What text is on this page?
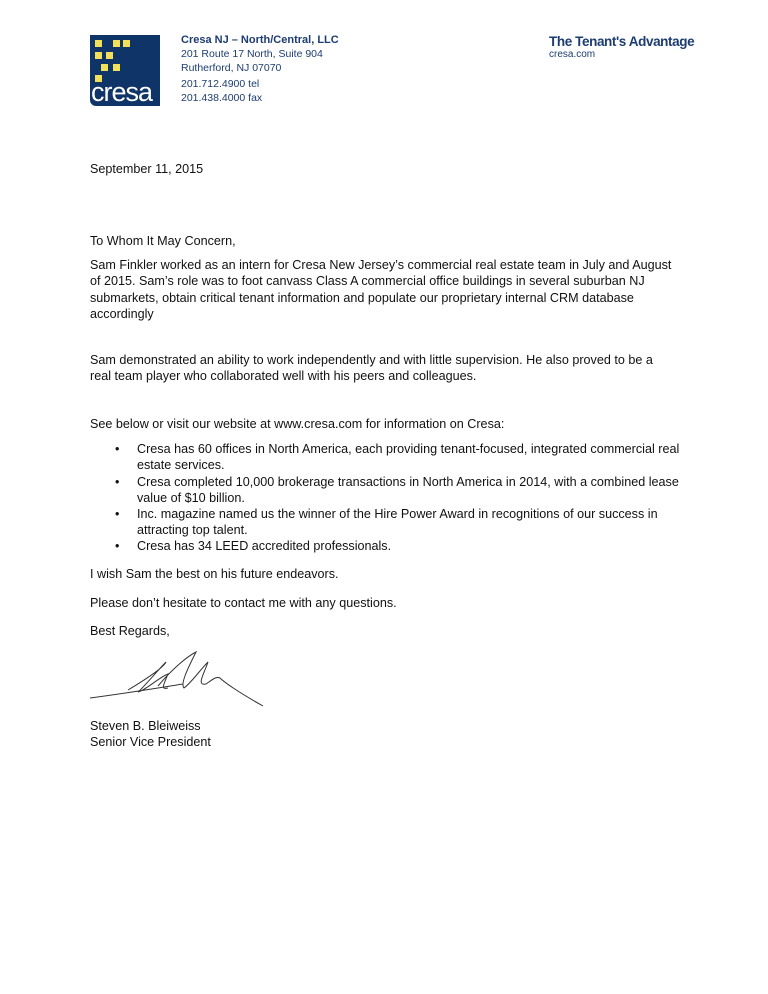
cresa
Cresa NJ – North/Central, LLC
201 Route 17 North, Suite 904
Rutherford, NJ 07070
201.712.4900 tel
201.438.4000 fax
The Tenant's Advantage
cresa.com
September 11, 2015
To Whom It May Concern,
Sam Finkler worked as an intern for Cresa New Jersey’s commercial real estate team in July and August
of 2015. Sam’s role was to foot canvass Class A commercial office buildings in several suburban NJ
submarkets, obtain critical tenant information and populate our proprietary internal CRM database
accordingly
Sam demonstrated an ability to work independently and with little supervision. He also proved to be a
real team player who collaborated well with his peers and colleagues.
See below or visit our website at www.cresa.com for information on Cresa:
• Cresa has 60 offices in North America, each providing tenant-focused, integrated commercial real
estate services.
• Cresa completed 10,000 brokerage transactions in North America in 2014, with a combined lease
value of $10 billion.
• Inc. magazine named us the winner of the Hire Power Award in recognitions of our success in
attracting top talent.
• Cresa has 34 LEED accredited professionals.
I wish Sam the best on his future endeavors.
Please don’t hesitate to contact me with any questions.
Best Regards,
Steven B. Bleiweiss
Senior Vice President
